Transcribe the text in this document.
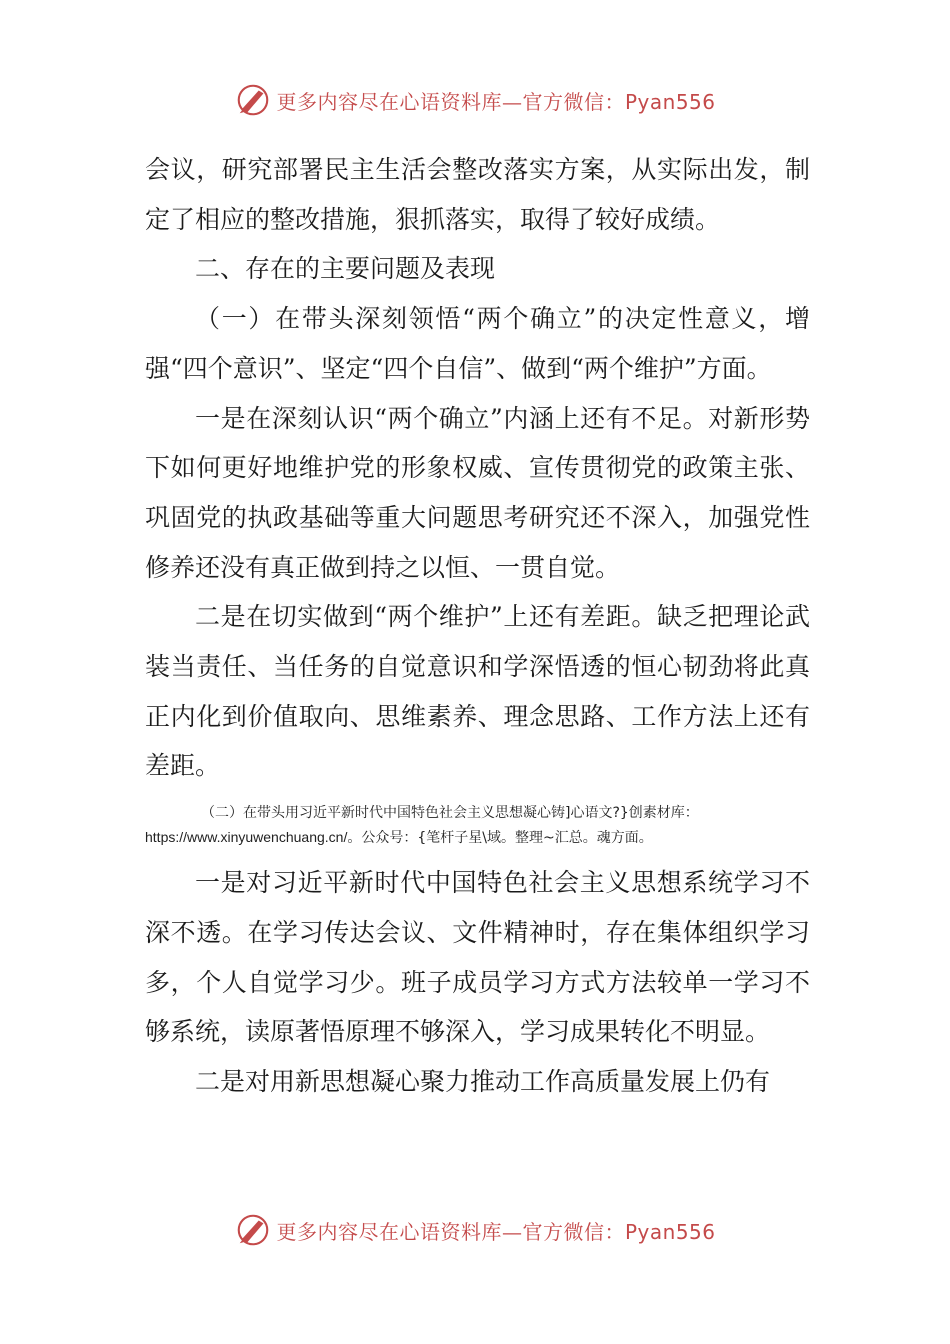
更多内容尽在心语资料库—官方微信：Pyan556

会议，研究部署民主生活会整改落实方案，从实际出发，制定了相应的整改措施，狠抓落实，取得了较好成绩。

二、存在的主要问题及表现

（一）在带头深刻领悟“两个确立”的决定性意义，增强“四个意识”、坚定“四个自信”、做到“两个维护”方面。

一是在深刻认识“两个确立”内涵上还有不足。对新形势下如何更好地维护党的形象权威、宣传贯彻党的政策主张、巩固党的执政基础等重大问题思考研究还不深入，加强党性修养还没有真正做到持之以恒、一贯自觉。

二是在切实做到“两个维护”上还有差距。缺乏把理论武装当责任、当任务的自觉意识和学深悟透的恒心韧劲将此真正内化到价值取向、思维素养、理念思路、工作方法上还有差距。

（二）在带头用习近平新时代中国特色社会主义思想凝心铸]心语文?}创素材库：
https://www.xinyuwenchuang.cn/。公众号：{笔杆子星\域。整理~汇总。魂方面。

一是对习近平新时代中国特色社会主义思想系统学习不深不透。在学习传达会议、文件精神时，存在集体组织学习多，个人自觉学习少。班子成员学习方式方法较单一学习不够系统，读原著悟原理不够深入，学习成果转化不明显。

二是对用新思想凝心聚力推动工作高质量发展上仍有

更多内容尽在心语资料库—官方微信：Pyan556
